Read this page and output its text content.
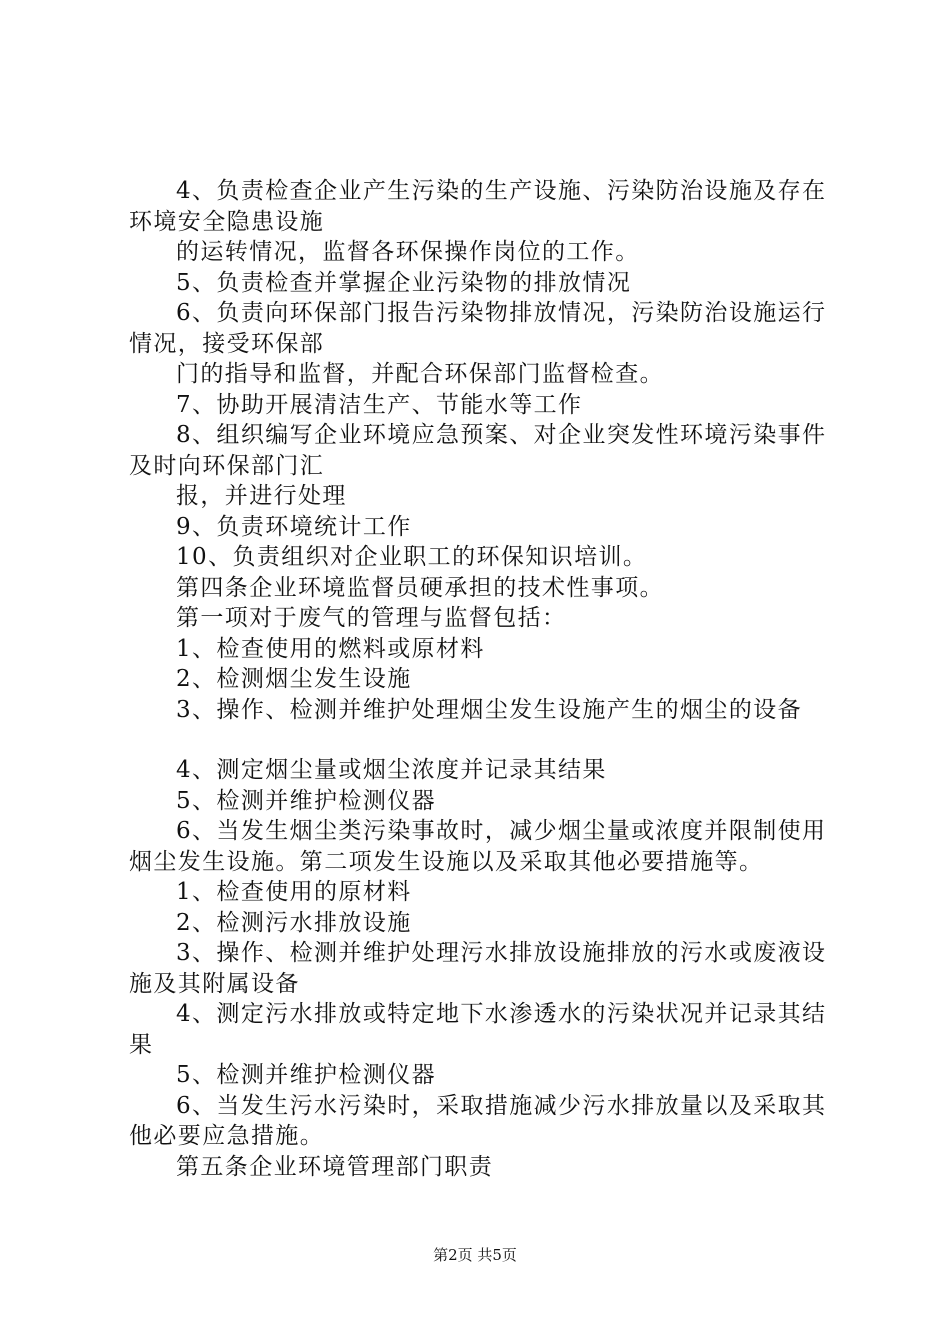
4、负责检查企业产生污染的生产设施、污染防治设施及存在环境安全隐患设施

的运转情况，监督各环保操作岗位的工作。

5、负责检查并掌握企业污染物的排放情况

6、负责向环保部门报告污染物排放情况，污染防治设施运行情况，接受环保部

门的指导和监督，并配合环保部门监督检查。

7、协助开展清洁生产、节能水等工作

8、组织编写企业环境应急预案、对企业突发性环境污染事件及时向环保部门汇

报，并进行处理

9、负责环境统计工作

10、负责组织对企业职工的环保知识培训。

第四条企业环境监督员硬承担的技术性事项。

第一项对于废气的管理与监督包括：

1、检查使用的燃料或原材料

2、检测烟尘发生设施

3、操作、检测并维护处理烟尘发生设施产生的烟尘的设备

4、测定烟尘量或烟尘浓度并记录其结果

5、检测并维护检测仪器

6、当发生烟尘类污染事故时，减少烟尘量或浓度并限制使用烟尘发生设施。第二项发生设施以及采取其他必要措施等。

1、检查使用的原材料

2、检测污水排放设施

3、操作、检测并维护处理污水排放设施排放的污水或废液设施及其附属设备

4、测定污水排放或特定地下水渗透水的污染状况并记录其结果

5、检测并维护检测仪器

6、当发生污水污染时，采取措施减少污水排放量以及采取其他必要应急措施。

第五条企业环境管理部门职责

第2页 共5页
